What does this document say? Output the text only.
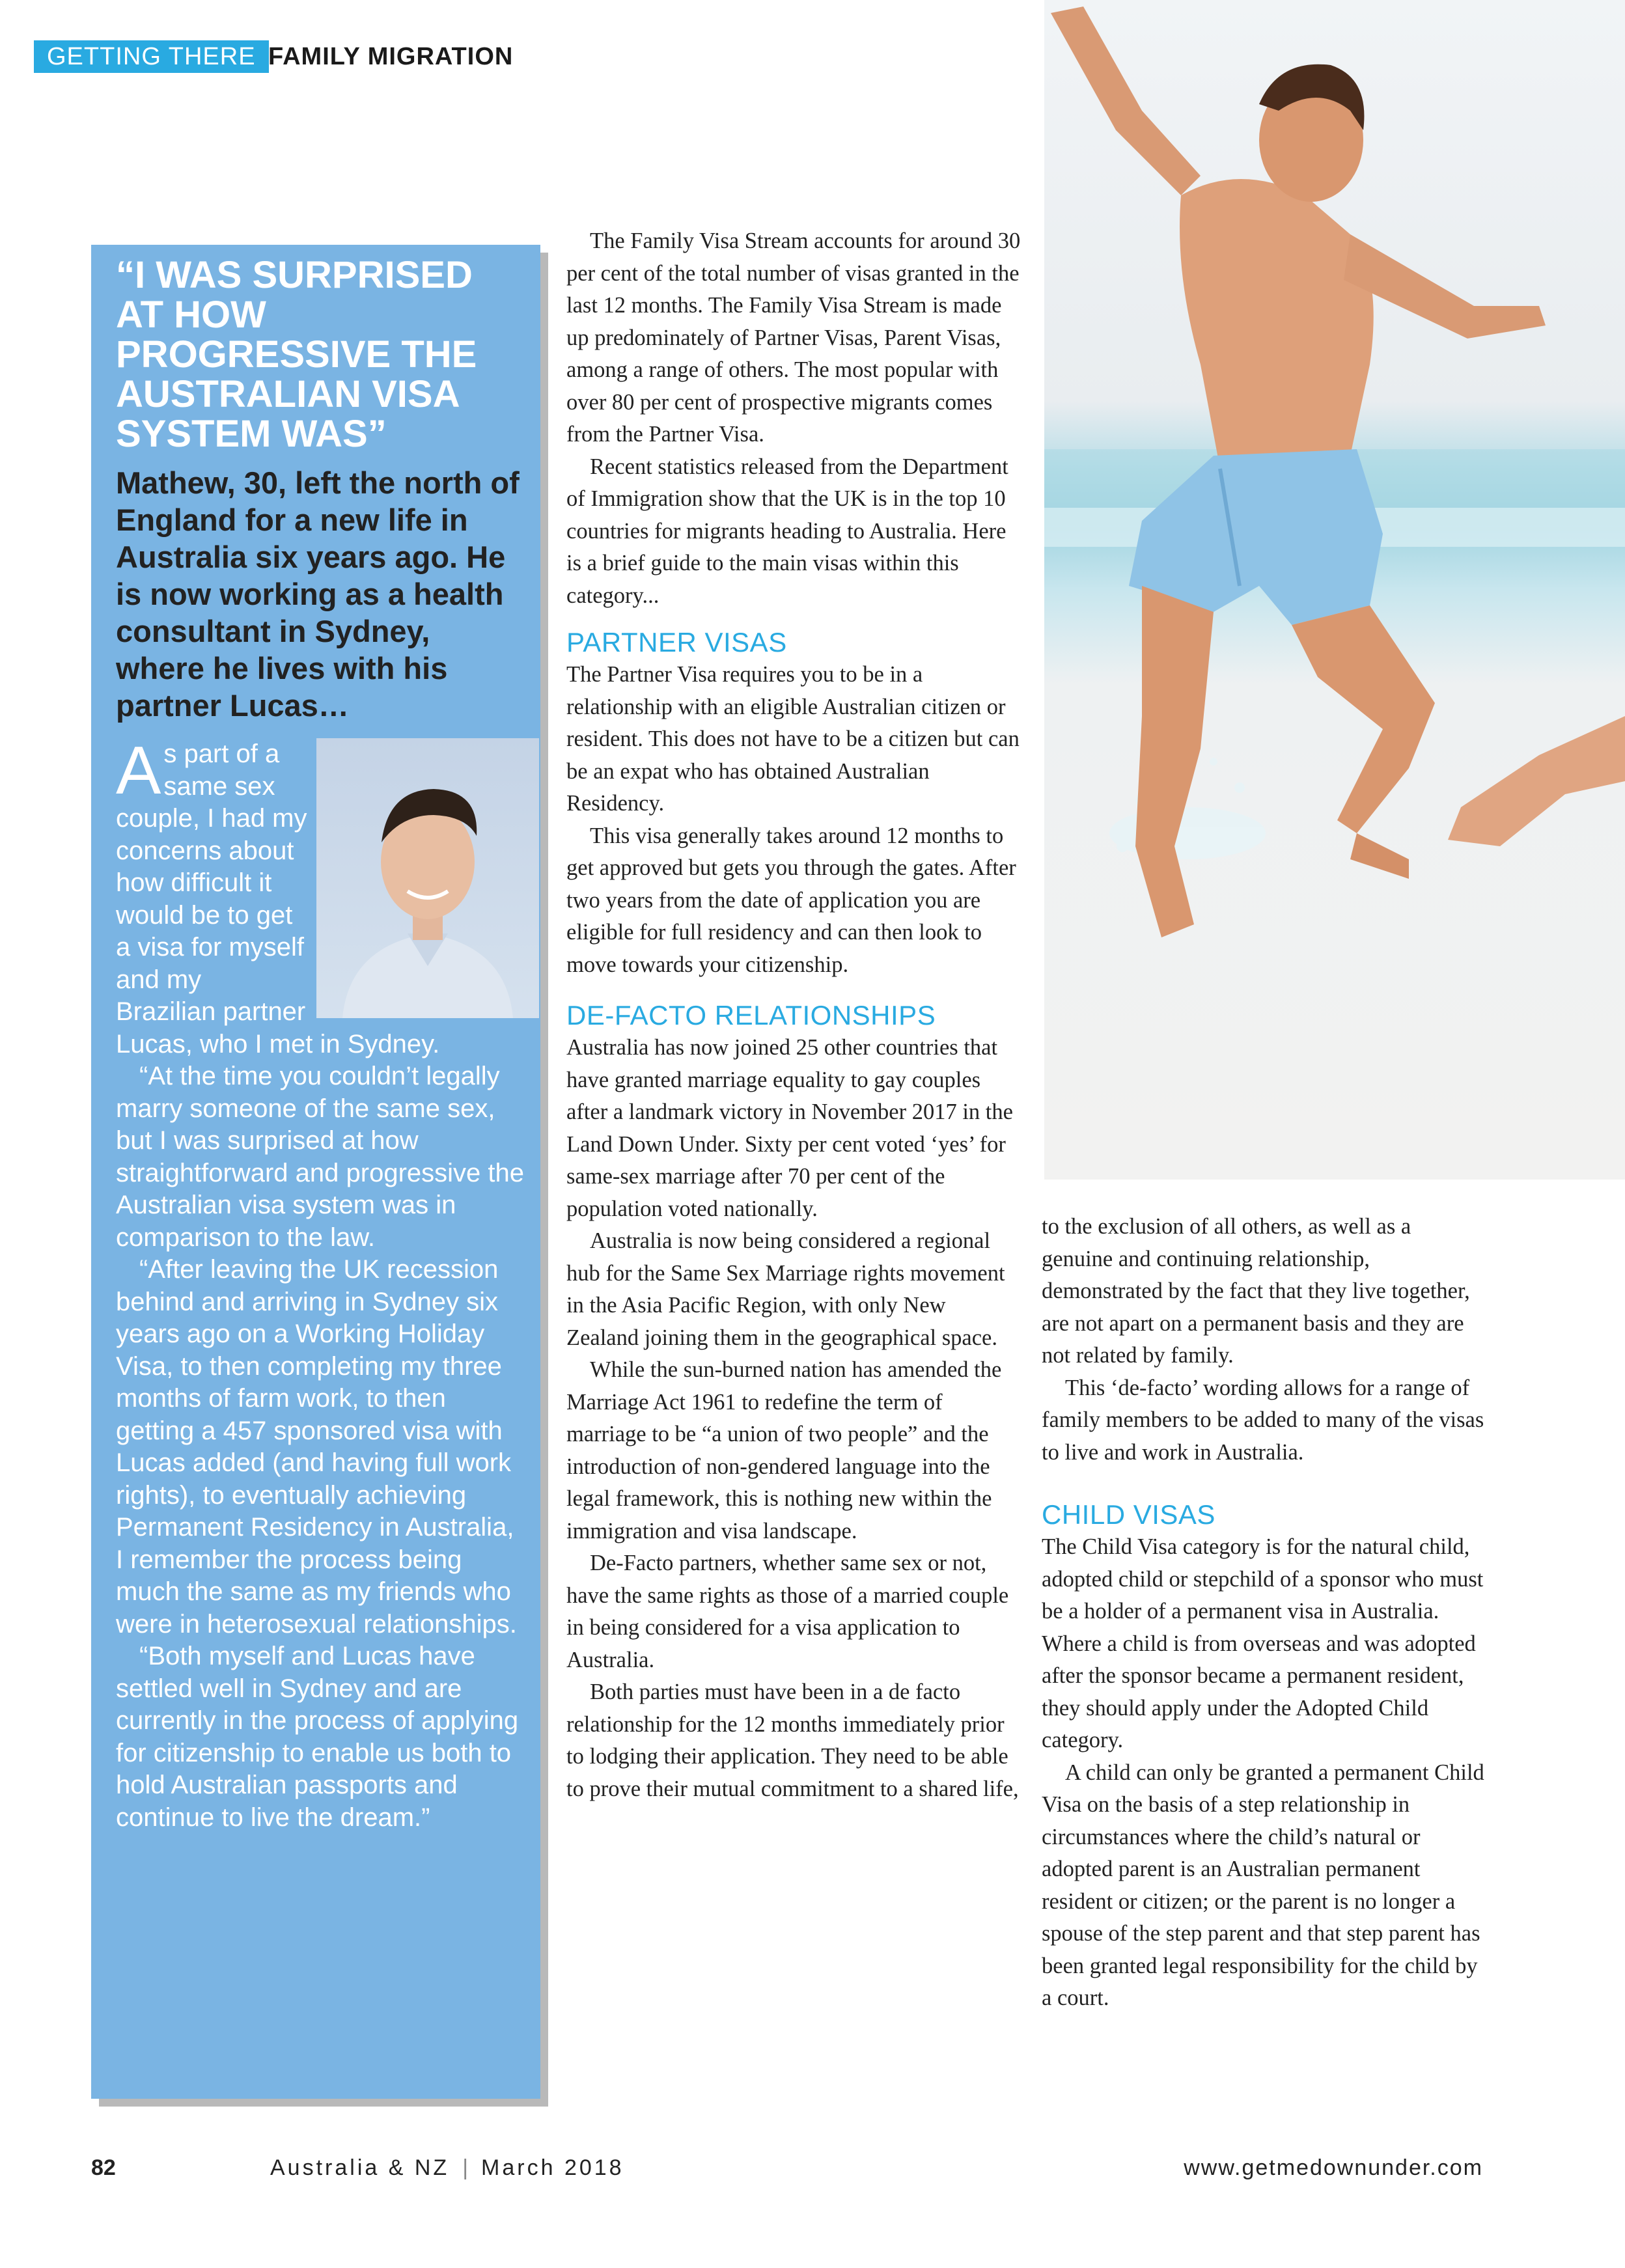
GETTING THERE FAMILY MIGRATION
“I WAS SURPRISED AT HOW PROGRESSIVE THE AUSTRALIAN VISA SYSTEM WAS”

Mathew, 30, left the north of England for a new life in Australia six years ago. He is now working as a health consultant in Sydney, where he lives with his partner Lucas…

As part of a same sex couple, I had my concerns about how difficult it would be to get a visa for myself and my Brazilian partner Lucas, who I met in Sydney.

“At the time you couldn’t legally marry someone of the same sex, but I was surprised at how straightforward and progressive the Australian visa system was in comparison to the law.

“After leaving the UK recession behind and arriving in Sydney six years ago on a Working Holiday Visa, to then completing my three months of farm work, to then getting a 457 sponsored visa with Lucas added (and having full work rights), to eventually achieving Permanent Residency in Australia, I remember the process being much the same as my friends who were in heterosexual relationships.

“Both myself and Lucas have settled well in Sydney and are currently in the process of applying for citizenship to enable us both to hold Australian passports and continue to live the dream.”

The Family Visa Stream accounts for around 30 per cent of the total number of visas granted in the last 12 months. The Family Visa Stream is made up predominately of Partner Visas, Parent Visas, among a range of others. The most popular with over 80 per cent of prospective migrants comes from the Partner Visa.

Recent statistics released from the Department of Immigration show that the UK is in the top 10 countries for migrants heading to Australia. Here is a brief guide to the main visas within this category...

PARTNER VISAS

The Partner Visa requires you to be in a relationship with an eligible Australian citizen or resident. This does not have to be a citizen but can be an expat who has obtained Australian Residency.

This visa generally takes around 12 months to get approved but gets you through the gates. After two years from the date of application you are eligible for full residency and can then look to move towards your citizenship.

DE-FACTO RELATIONSHIPS

Australia has now joined 25 other countries that have granted marriage equality to gay couples after a landmark victory in November 2017 in the Land Down Under. Sixty per cent voted ‘yes’ for same-sex marriage after 70 per cent of the population voted nationally.

Australia is now being considered a regional hub for the Same Sex Marriage rights movement in the Asia Pacific Region, with only New Zealand joining them in the geographical space.

While the sun-burned nation has amended the Marriage Act 1961 to redefine the term of marriage to be “a union of two people” and the introduction of non-gendered language into the legal framework, this is nothing new within the immigration and visa landscape.

De-Facto partners, whether same sex or not, have the same rights as those of a married couple in being considered for a visa application to Australia.

Both parties must have been in a de facto relationship for the 12 months immediately prior to lodging their application. They need to be able to prove their mutual commitment to a shared life,

to the exclusion of all others, as well as a genuine and continuing relationship, demonstrated by the fact that they live together, are not apart on a permanent basis and they are not related by family.

This ‘de-facto’ wording allows for a range of family members to be added to many of the visas to live and work in Australia.

CHILD VISAS

The Child Visa category is for the natural child, adopted child or stepchild of a sponsor who must be a holder of a permanent visa in Australia. Where a child is from overseas and was adopted after the sponsor became a permanent resident, they should apply under the Adopted Child category.

A child can only be granted a permanent Child Visa on the basis of a step relationship in circumstances where the child’s natural or adopted parent is an Australian permanent resident or citizen; or the parent is no longer a spouse of the step parent and that step parent has been granted legal responsibility for the child by a court.

82	Australia & NZ | March 2018	www.getmedownunder.com
